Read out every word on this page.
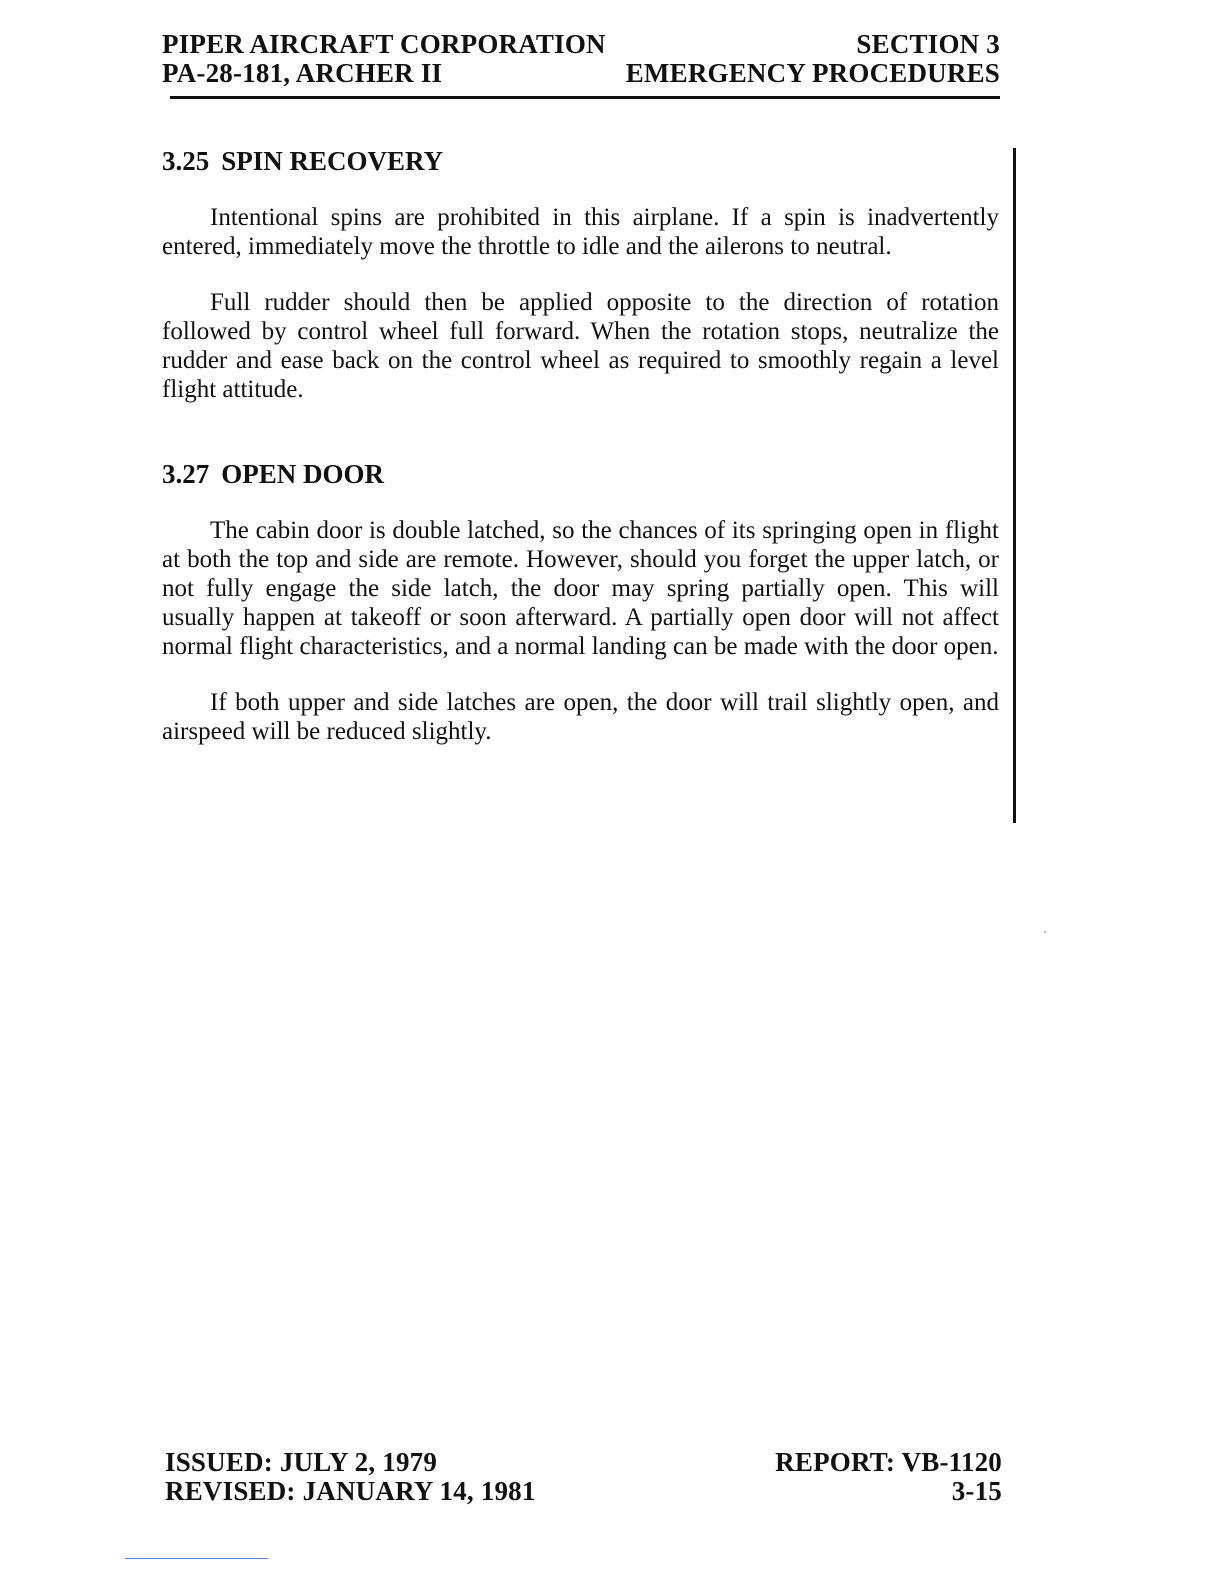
PIPER AIRCRAFT CORPORATION	SECTION 3
PA-28-181, ARCHER II	EMERGENCY PROCEDURES
3.25 SPIN RECOVERY

Intentional spins are prohibited in this airplane. If a spin is inadvertently entered, immediately move the throttle to idle and the ailerons to neutral.

Full rudder should then be applied opposite to the direction of rotation followed by control wheel full forward. When the rotation stops, neutralize the rudder and ease back on the control wheel as required to smoothly regain a level flight attitude.

3.27 OPEN DOOR

The cabin door is double latched, so the chances of its springing open in flight at both the top and side are remote. However, should you forget the upper latch, or not fully engage the side latch, the door may spring partially open. This will usually happen at takeoff or soon afterward. A partially open door will not affect normal flight characteristics, and a normal landing can be made with the door open.

If both upper and side latches are open, the door will trail slightly open, and airspeed will be reduced slightly.

ISSUED: JULY 2, 1979	REPORT: VB-1120
REVISED: JANUARY 14, 1981	3-15
